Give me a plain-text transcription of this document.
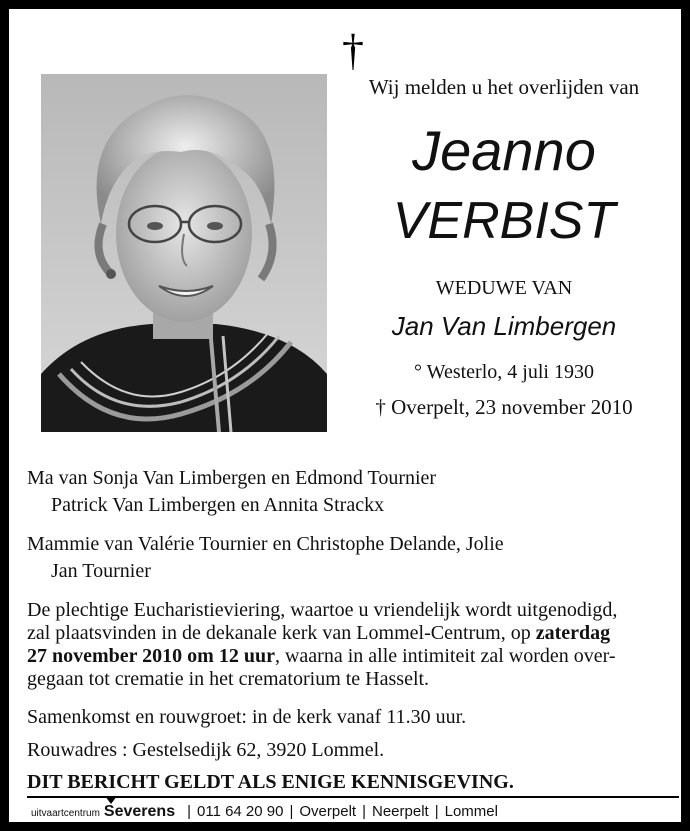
†
Wij melden u het overlijden van
Jeanno
VERBIST
WEDUWE VAN
Jan Van Limbergen
° Westerlo, 4 juli 1930
† Overpelt, 23 november 2010
Ma van Sonja Van Limbergen en Edmond Tournier
Patrick Van Limbergen en Annita Strackx
Mammie van Valérie Tournier en Christophe Delande, Jolie
Jan Tournier
De plechtige Eucharistieviering, waartoe u vriendelijk wordt uitgenodigd,
zal plaatsvinden in de dekanale kerk van Lommel-Centrum, op zaterdag
27 november 2010 om 12 uur, waarna in alle intimiteit zal worden over-
gegaan tot crematie in het crematorium te Hasselt.
Samenkomst en rouwgroet: in de kerk vanaf 11.30 uur.
Rouwadres : Gestelsedijk 62, 3920 Lommel.
DIT BERICHT GELDT ALS ENIGE KENNISGEVING.
uitvaartcentrum Severens | 011 64 20 90 | Overpelt | Neerpelt | Lommel
